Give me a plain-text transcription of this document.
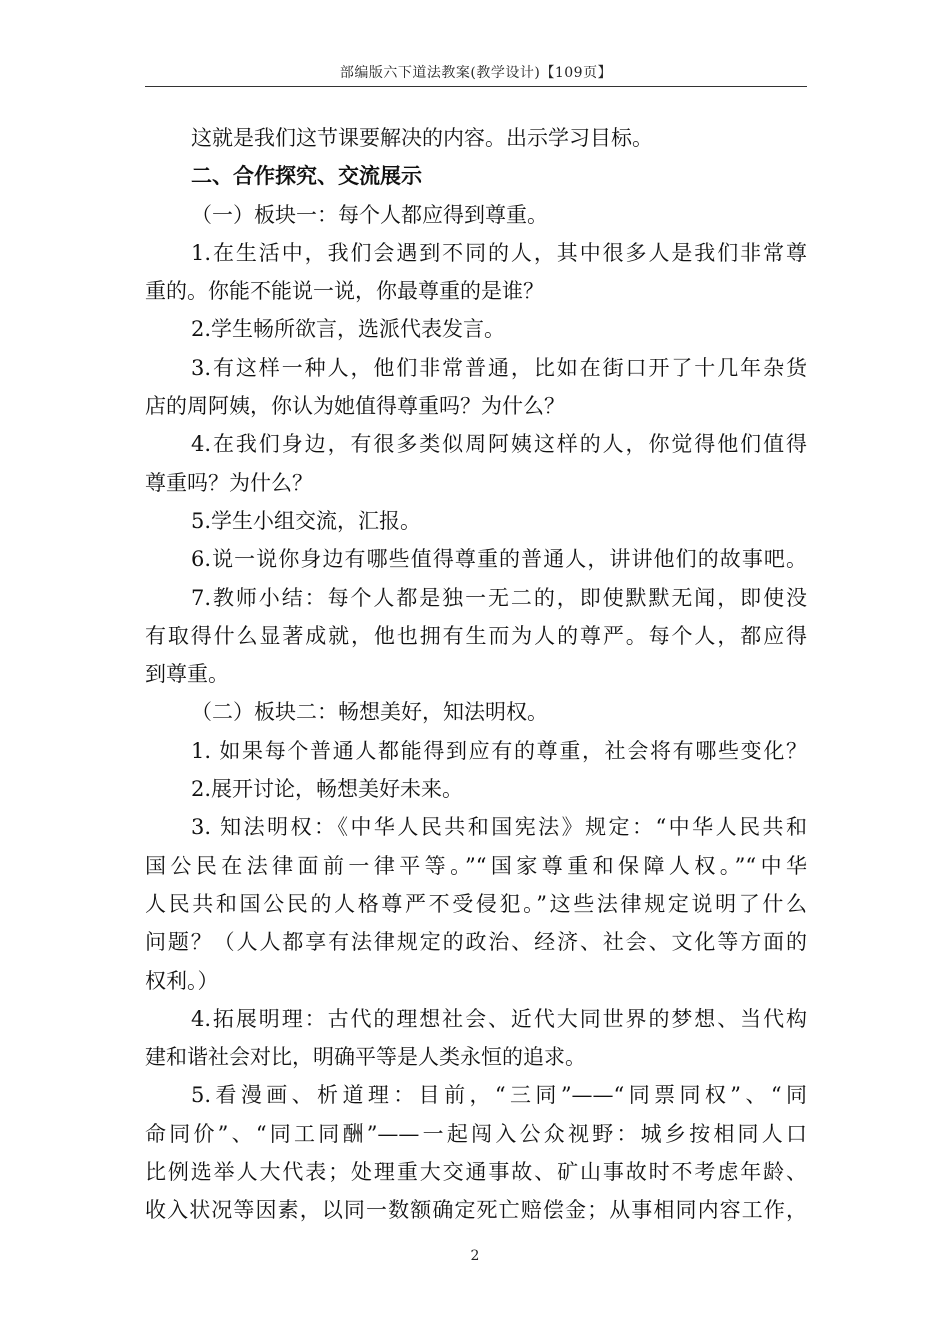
部编版六下道法教案(教学设计)【109页】
这就是我们这节课要解决的内容。出示学习目标。
二、合作探究、交流展示
（一）板块一：每个人都应得到尊重。
1.在生活中，我们会遇到不同的人，其中很多人是我们非常尊
重的。你能不能说一说，你最尊重的是谁？
2.学生畅所欲言，选派代表发言。
3.有这样一种人，他们非常普通，比如在街口开了十几年杂货
店的周阿姨，你认为她值得尊重吗？为什么？
4.在我们身边，有很多类似周阿姨这样的人，你觉得他们值得
尊重吗？为什么？
5.学生小组交流，汇报。
6.说一说你身边有哪些值得尊重的普通人，讲讲他们的故事吧。
7.教师小结：每个人都是独一无二的，即使默默无闻，即使没
有取得什么显著成就，他也拥有生而为人的尊严。每个人，都应得
到尊重。
（二）板块二：畅想美好，知法明权。
1. 如果每个普通人都能得到应有的尊重，社会将有哪些变化？
2.展开讨论，畅想美好未来。
3. 知法明权：《中华人民共和国宪法》规定：“中华人民共和
国公民在法律面前一律平等。”“国家尊重和保障人权。”“中华
人民共和国公民的人格尊严不受侵犯。”这些法律规定说明了什么
问题？（人人都享有法律规定的政治、经济、社会、文化等方面的
权利。）
4.拓展明理：古代的理想社会、近代大同世界的梦想、当代构
建和谐社会对比，明确平等是人类永恒的追求。
5.看漫画、析道理：目前，“三同”——“同票同权”、“同
命同价”、“同工同酬”——一起闯入公众视野：城乡按相同人口
比例选举人大代表；处理重大交通事故、矿山事故时不考虑年龄、
收入状况等因素，以同一数额确定死亡赔偿金；从事相同内容工作，
2
